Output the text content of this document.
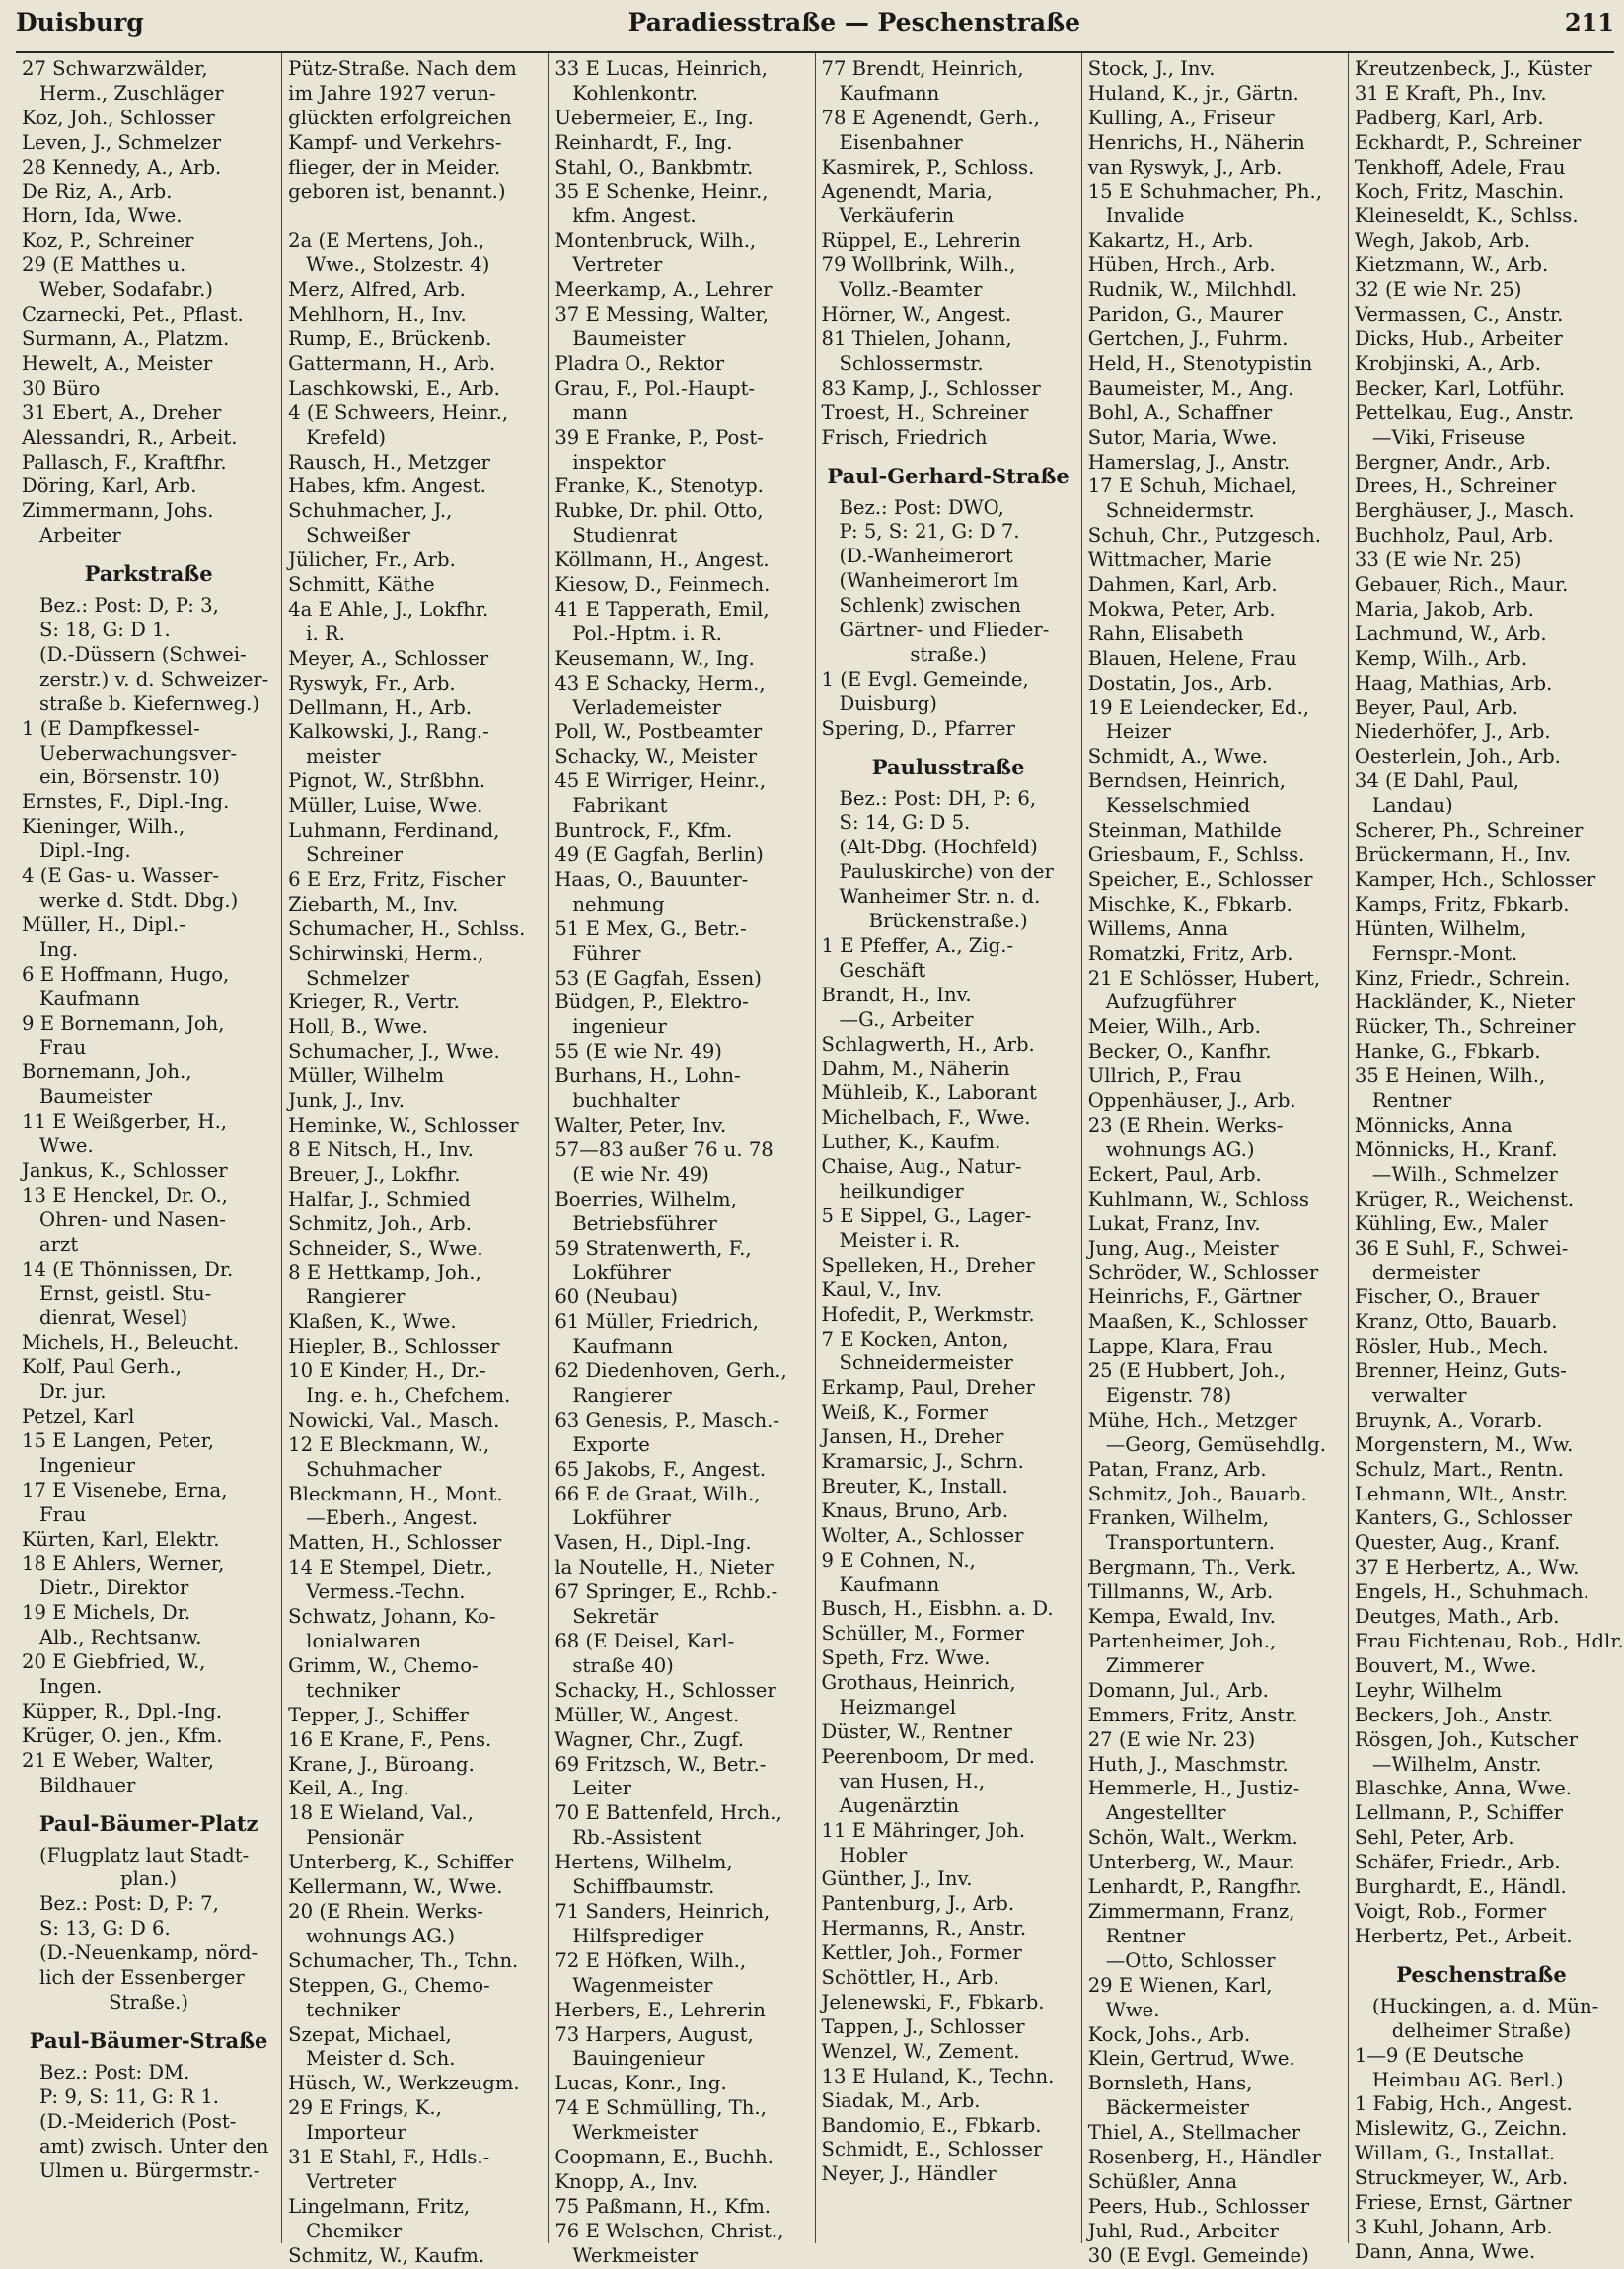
Duisburg	Paradiesstraße — Peschenstraße	211
27 Schwarzwälder,
Herm., Zuschläger
Koz, Joh., Schlosser
Leven, J., Schmelzer
28 Kennedy, A., Arb.
De Riz, A., Arb.
Horn, Ida, Wwe.
Koz, P., Schreiner
29 (E Matthes u.
Weber, Sodafabr.)
Czarnecki, Pet., Pflast.
Surmann, A., Platzm.
Hewelt, A., Meister
30 Büro
31 Ebert, A., Dreher
Alessandri, R., Arbeit.
Pallasch, F., Kraftfhr.
Döring, Karl, Arb.
Zimmermann, Johs.
Arbeiter
Parkstraße
Bez.: Post: D, P: 3,
S: 18, G: D 1.
(D.-Düssern (Schwei-
zerstr.) v. d. Schweizer-
straße b. Kiefernweg.)
1 (E Dampfkessel-
Ueberwachungsver-
ein, Börsenstr. 10)
Ernstes, F., Dipl.-Ing.
Kieninger, Wilh.,
Dipl.-Ing.
4 (E Gas- u. Wasser-
werke d. Stdt. Dbg.)
Müller, H., Dipl.-
Ing.
6 E Hoffmann, Hugo,
Kaufmann
9 E Bornemann, Joh,
Frau
Bornemann, Joh.,
Baumeister
11 E Weißgerber, H.,
Wwe.
Jankus, K., Schlosser
13 E Henckel, Dr. O.,
Ohren- und Nasen-
arzt
14 (E Thönnissen, Dr.
Ernst, geistl. Stu-
dienrat, Wesel)
Michels, H., Beleucht.
Kolf, Paul Gerh.,
Dr. jur.
Petzel, Karl
15 E Langen, Peter,
Ingenieur
17 E Visenebe, Erna,
Frau
Kürten, Karl, Elektr.
18 E Ahlers, Werner,
Dietr., Direktor
19 E Michels, Dr.
Alb., Rechtsanw.
20 E Giebfried, W.,
Ingen.
Küpper, R., Dpl.-Ing.
Krüger, O. jen., Kfm.
21 E Weber, Walter,
Bildhauer
Paul-Bäumer-Platz
(Flugplatz laut Stadt-
plan.)
Bez.: Post: D, P: 7,
S: 13, G: D 6.
(D.-Neuenkamp, nörd-
lich der Essenberger
Straße.)
Paul-Bäumer-Straße
Bez.: Post: DM.
P: 9, S: 11, G: R 1.
(D.-Meiderich (Post-
amt) zwisch. Unter den
Ulmen u. Bürgermstr.-
Pütz-Straße. Nach dem
im Jahre 1927 verun-
glückten erfolgreichen
Kampf- und Verkehrs-
flieger, der in Meider.
geboren ist, benannt.)

2a (E Mertens, Joh.,
Wwe., Stolzestr. 4)
Merz, Alfred, Arb.
Mehlhorn, H., Inv.
Rump, E., Brückenb.
Gattermann, H., Arb.
Laschkowski, E., Arb.
4 (E Schweers, Heinr.,
Krefeld)
Rausch, H., Metzger
Habes, kfm. Angest.
Schuhmacher, J.,
Schweißer
Jülicher, Fr., Arb.
Schmitt, Käthe
4a E Ahle, J., Lokfhr.
i. R.
Meyer, A., Schlosser
Ryswyk, Fr., Arb.
Dellmann, H., Arb.
Kalkowski, J., Rang.-
meister
Pignot, W., Strßbhn.
Müller, Luise, Wwe.
Luhmann, Ferdinand,
Schreiner
6 E Erz, Fritz, Fischer
Ziebarth, M., Inv.
Schumacher, H., Schlss.
Schirwinski, Herm.,
Schmelzer
Krieger, R., Vertr.
Holl, B., Wwe.
Schumacher, J., Wwe.
Müller, Wilhelm
Junk, J., Inv.
Heminke, W., Schlosser
8 E Nitsch, H., Inv.
Breuer, J., Lokfhr.
Halfar, J., Schmied
Schmitz, Joh., Arb.
Schneider, S., Wwe.
8 E Hettkamp, Joh.,
Rangierer
Klaßen, K., Wwe.
Hiepler, B., Schlosser
10 E Kinder, H., Dr.-
Ing. e. h., Chefchem.
Nowicki, Val., Masch.
12 E Bleckmann, W.,
Schuhmacher
Bleckmann, H., Mont.
—Eberh., Angest.
Matten, H., Schlosser
14 E Stempel, Dietr.,
Vermess.-Techn.
Schwatz, Johann, Ko-
lonialwaren
Grimm, W., Chemo-
techniker
Tepper, J., Schiffer
16 E Krane, F., Pens.
Krane, J., Büroang.
Keil, A., Ing.
18 E Wieland, Val.,
Pensionär
Unterberg, K., Schiffer
Kellermann, W., Wwe.
20 (E Rhein. Werks-
wohnungs AG.)
Schumacher, Th., Tchn.
Steppen, G., Chemo-
techniker
Szepat, Michael,
Meister d. Sch.
Hüsch, W., Werkzeugm.
29 E Frings, K.,
Importeur
31 E Stahl, F., Hdls.-
Vertreter
Lingelmann, Fritz,
Chemiker
Schmitz, W., Kaufm.
33 E Lucas, Heinrich,
Kohlenkontr.
Uebermeier, E., Ing.
Reinhardt, F., Ing.
Stahl, O., Bankbmtr.
35 E Schenke, Heinr.,
kfm. Angest.
Montenbruck, Wilh.,
Vertreter
Meerkamp, A., Lehrer
37 E Messing, Walter,
Baumeister
Pladra O., Rektor
Grau, F., Pol.-Haupt-
mann
39 E Franke, P., Post-
inspektor
Franke, K., Stenotyp.
Rubke, Dr. phil. Otto,
Studienrat
Köllmann, H., Angest.
Kiesow, D., Feinmech.
41 E Tapperath, Emil,
Pol.-Hptm. i. R.
Keusemann, W., Ing.
43 E Schacky, Herm.,
Verlademeister
Poll, W., Postbeamter
Schacky, W., Meister
45 E Wirriger, Heinr.,
Fabrikant
Buntrock, F., Kfm.
49 (E Gagfah, Berlin)
Haas, O., Bauunter-
nehmung
51 E Mex, G., Betr.-
Führer
53 (E Gagfah, Essen)
Büdgen, P., Elektro-
ingenieur
55 (E wie Nr. 49)
Burhans, H., Lohn-
buchhalter
Walter, Peter, Inv.
57—83 außer 76 u. 78
(E wie Nr. 49)
Boerries, Wilhelm,
Betriebsführer
59 Stratenwerth, F.,
Lokführer
60 (Neubau)
61 Müller, Friedrich,
Kaufmann
62 Diedenhoven, Gerh.,
Rangierer
63 Genesis, P., Masch.-
Exporte
65 Jakobs, F., Angest.
66 E de Graat, Wilh.,
Lokführer
Vasen, H., Dipl.-Ing.
la Noutelle, H., Nieter
67 Springer, E., Rchb.-
Sekretär
68 (E Deisel, Karl-
straße 40)
Schacky, H., Schlosser
Müller, W., Angest.
Wagner, Chr., Zugf.
69 Fritzsch, W., Betr.-
Leiter
70 E Battenfeld, Hrch.,
Rb.-Assistent
Hertens, Wilhelm,
Schiffbaumstr.
71 Sanders, Heinrich,
Hilfsprediger
72 E Höfken, Wilh.,
Wagenmeister
Herbers, E., Lehrerin
73 Harpers, August,
Bauingenieur
Lucas, Konr., Ing.
74 E Schmülling, Th.,
Werkmeister
Coopmann, E., Buchh.
Knopp, A., Inv.
75 Paßmann, H., Kfm.
76 E Welschen, Christ.,
Werkmeister
77 Brendt, Heinrich,
Kaufmann
78 E Agenendt, Gerh.,
Eisenbahner
Kasmirek, P., Schloss.
Agenendt, Maria,
Verkäuferin
Rüppel, E., Lehrerin
79 Wollbrink, Wilh.,
Vollz.-Beamter
Hörner, W., Angest.
81 Thielen, Johann,
Schlossermstr.
83 Kamp, J., Schlosser
Troest, H., Schreiner
Frisch, Friedrich
Paul-Gerhard-Straße
Bez.: Post: DWO,
P: 5, S: 21, G: D 7.
(D.-Wanheimerort
(Wanheimerort Im
Schlenk) zwischen
Gärtner- und Flieder-
straße.)
1 (E Evgl. Gemeinde,
Duisburg)
Spering, D., Pfarrer
Paulusstraße
Bez.: Post: DH, P: 6,
S: 14, G: D 5.
(Alt-Dbg. (Hochfeld)
Pauluskirche) von der
Wanheimer Str. n. d.
Brückenstraße.)
1 E Pfeffer, A., Zig.-
Geschäft
Brandt, H., Inv.
—G., Arbeiter
Schlagwerth, H., Arb.
Dahm, M., Näherin
Mühleib, K., Laborant
Michelbach, F., Wwe.
Luther, K., Kaufm.
Chaise, Aug., Natur-
heilkundiger
5 E Sippel, G., Lager-
Meister i. R.
Spelleken, H., Dreher
Kaul, V., Inv.
Hofedit, P., Werkmstr.
7 E Kocken, Anton,
Schneidermeister
Erkamp, Paul, Dreher
Weiß, K., Former
Jansen, H., Dreher
Kramarsic, J., Schrn.
Breuter, K., Install.
Knaus, Bruno, Arb.
Wolter, A., Schlosser
9 E Cohnen, N.,
Kaufmann
Busch, H., Eisbhn. a. D.
Schüller, M., Former
Speth, Frz. Wwe.
Grothaus, Heinrich,
Heizmangel
Düster, W., Rentner
Peerenboom, Dr med.
van Husen, H.,
Augenärztin
11 E Mähringer, Joh.
Hobler
Günther, J., Inv.
Pantenburg, J., Arb.
Hermanns, R., Anstr.
Kettler, Joh., Former
Schöttler, H., Arb.
Jelenewski, F., Fbkarb.
Tappen, J., Schlosser
Wenzel, W., Zement.
13 E Huland, K., Techn.
Siadak, M., Arb.
Bandomio, E., Fbkarb.
Schmidt, E., Schlosser
Neyer, J., Händler
Stock, J., Inv.
Huland, K., jr., Gärtn.
Kulling, A., Friseur
Henrichs, H., Näherin
van Ryswyk, J., Arb.
15 E Schuhmacher, Ph.,
Invalide
Kakartz, H., Arb.
Hüben, Hrch., Arb.
Rudnik, W., Milchhdl.
Paridon, G., Maurer
Gertchen, J., Fuhrm.
Held, H., Stenotypistin
Baumeister, M., Ang.
Bohl, A., Schaffner
Sutor, Maria, Wwe.
Hamerslag, J., Anstr.
17 E Schuh, Michael,
Schneidermstr.
Schuh, Chr., Putzgesch.
Wittmacher, Marie
Dahmen, Karl, Arb.
Mokwa, Peter, Arb.
Rahn, Elisabeth
Blauen, Helene, Frau
Dostatin, Jos., Arb.
19 E Leiendecker, Ed.,
Heizer
Schmidt, A., Wwe.
Berndsen, Heinrich,
Kesselschmied
Steinman, Mathilde
Griesbaum, F., Schlss.
Speicher, E., Schlosser
Mischke, K., Fbkarb.
Willems, Anna
Romatzki, Fritz, Arb.
21 E Schlösser, Hubert,
Aufzugführer
Meier, Wilh., Arb.
Becker, O., Kanfhr.
Ullrich, P., Frau
Oppenhäuser, J., Arb.
23 (E Rhein. Werks-
wohnungs AG.)
Eckert, Paul, Arb.
Kuhlmann, W., Schloss
Lukat, Franz, Inv.
Jung, Aug., Meister
Schröder, W., Schlosser
Heinrichs, F., Gärtner
Maaßen, K., Schlosser
Lappe, Klara, Frau
25 (E Hubbert, Joh.,
Eigenstr. 78)
Mühe, Hch., Metzger
—Georg, Gemüsehdlg.
Patan, Franz, Arb.
Schmitz, Joh., Bauarb.
Franken, Wilhelm,
Transportuntern.
Bergmann, Th., Verk.
Tillmanns, W., Arb.
Kempa, Ewald, Inv.
Partenheimer, Joh.,
Zimmerer
Domann, Jul., Arb.
Emmers, Fritz, Anstr.
27 (E wie Nr. 23)
Huth, J., Maschmstr.
Hemmerle, H., Justiz-
Angestellter
Schön, Walt., Werkm.
Unterberg, W., Maur.
Lenhardt, P., Rangfhr.
Zimmermann, Franz,
Rentner
—Otto, Schlosser
29 E Wienen, Karl,
Wwe.
Kock, Johs., Arb.
Klein, Gertrud, Wwe.
Bornsleth, Hans,
Bäckermeister
Thiel, A., Stellmacher
Rosenberg, H., Händler
Schüßler, Anna
Peers, Hub., Schlosser
Juhl, Rud., Arbeiter
30 (E Evgl. Gemeinde)
Kreutzenbeck, J., Küster
31 E Kraft, Ph., Inv.
Padberg, Karl, Arb.
Eckhardt, P., Schreiner
Tenkhoff, Adele, Frau
Koch, Fritz, Maschin.
Kleineseldt, K., Schlss.
Wegh, Jakob, Arb.
Kietzmann, W., Arb.
32 (E wie Nr. 25)
Vermassen, C., Anstr.
Dicks, Hub., Arbeiter
Krobjinski, A., Arb.
Becker, Karl, Lotführ.
Pettelkau, Eug., Anstr.
—Viki, Friseuse
Bergner, Andr., Arb.
Drees, H., Schreiner
Berghäuser, J., Masch.
Buchholz, Paul, Arb.
33 (E wie Nr. 25)
Gebauer, Rich., Maur.
Maria, Jakob, Arb.
Lachmund, W., Arb.
Kemp, Wilh., Arb.
Haag, Mathias, Arb.
Beyer, Paul, Arb.
Niederhöfer, J., Arb.
Oesterlein, Joh., Arb.
34 (E Dahl, Paul,
Landau)
Scherer, Ph., Schreiner
Brückermann, H., Inv.
Kamper, Hch., Schlosser
Kamps, Fritz, Fbkarb.
Hünten, Wilhelm,
Fernspr.-Mont.
Kinz, Friedr., Schrein.
Hackländer, K., Nieter
Rücker, Th., Schreiner
Hanke, G., Fbkarb.
35 E Heinen, Wilh.,
Rentner
Mönnicks, Anna
Mönnicks, H., Kranf.
—Wilh., Schmelzer
Krüger, R., Weichenst.
Kühling, Ew., Maler
36 E Suhl, F., Schwei-
dermeister
Fischer, O., Brauer
Kranz, Otto, Bauarb.
Rösler, Hub., Mech.
Brenner, Heinz, Guts-
verwalter
Bruynk, A., Vorarb.
Morgenstern, M., Ww.
Schulz, Mart., Rentn.
Lehmann, Wlt., Anstr.
Kanters, G., Schlosser
Quester, Aug., Kranf.
37 E Herbertz, A., Ww.
Engels, H., Schuhmach.
Deutges, Math., Arb.
Frau Fichtenau, Rob., Hdlr.
Bouvert, M., Wwe.
Leyhr, Wilhelm
Beckers, Joh., Anstr.
Rösgen, Joh., Kutscher
—Wilhelm, Anstr.
Blaschke, Anna, Wwe.
Lellmann, P., Schiffer
Sehl, Peter, Arb.
Schäfer, Friedr., Arb.
Burghardt, E., Händl.
Voigt, Rob., Former
Herbertz, Pet., Arbeit.
Peschenstraße
(Huckingen, a. d. Mün-
delheimer Straße)
1—9 (E Deutsche
Heimbau AG. Berl.)
1 Fabig, Hch., Angest.
Mislewitz, G., Zeichn.
Willam, G., Installat.
Struckmeyer, W., Arb.
Friese, Ernst, Gärtner
3 Kuhl, Johann, Arb.
Dann, Anna, Wwe.
